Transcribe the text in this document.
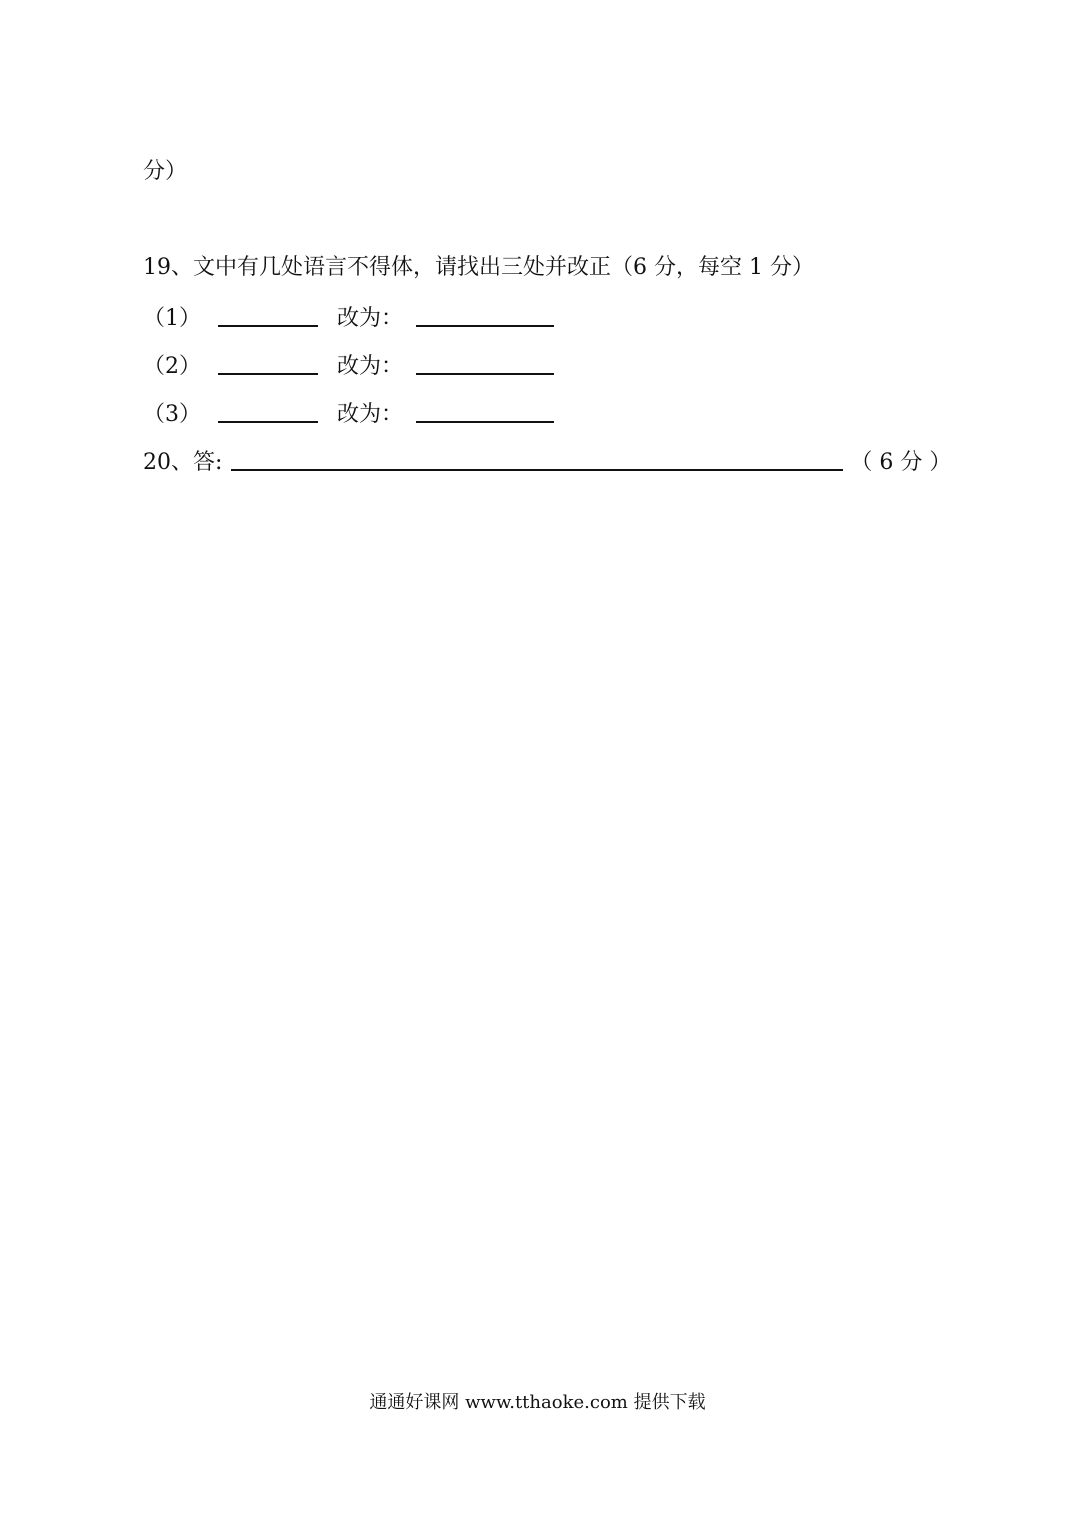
分）
19、文中有几处语言不得体，请找出三处并改正（6 分，每空 1 分）
（1）	改为：
（2）	改为：
（3）	改为：
20、答:	（ 6 分 ）
通通好课网 www.tthaoke.com 提供下载
